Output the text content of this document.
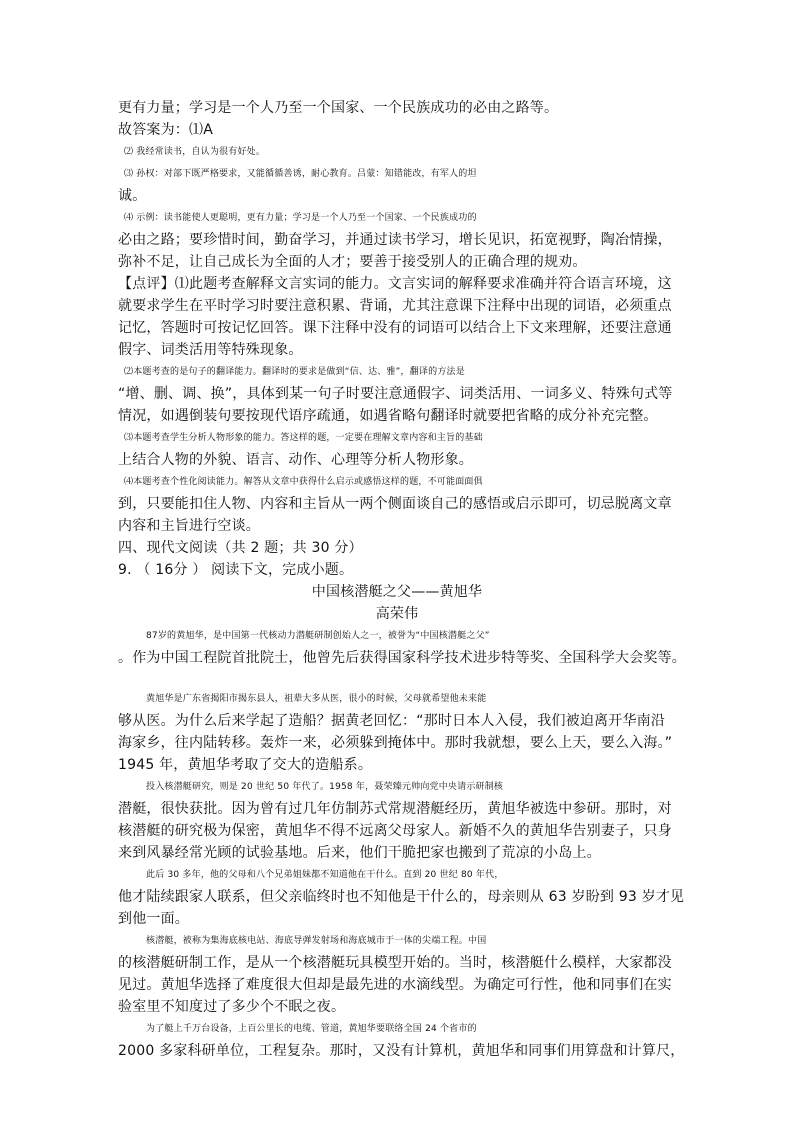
更有力量；学习是一个人乃至一个国家、一个民族成功的必由之路等。
故答案为：⑴A
⑵ 我经常读书，自认为很有好处。
⑶ 孙权：对部下既严格要求，又能循循善诱，耐心教育。吕蒙：知错能改，有军人的坦
诚。
⑷ 示例：读书能使人更聪明，更有力量；学习是一个人乃至一个国家、一个民族成功的
必由之路；要珍惜时间，勤奋学习，并通过读书学习，增长见识，拓宽视野，陶冶情操，
弥补不足，让自己成长为全面的人才；要善于接受别人的正确合理的规劝。
【点评】⑴此题考查解释文言实词的能力。文言实词的解释要求准确并符合语言环境，这
就要求学生在平时学习时要注意积累、背诵，尤其注意课下注释中出现的词语，必须重点
记忆，答题时可按记忆回答。课下注释中没有的词语可以结合上下文来理解，还要注意通
假字、词类活用等特殊现象。
⑵本题考查的是句子的翻译能力。翻译时的要求是做到“信、达、雅”，翻译的方法是
“增、删、调、换”，具体到某一句子时要注意通假字、词类活用、一词多义、特殊句式等
情况，如遇倒装句要按现代语序疏通，如遇省略句翻译时就要把省略的成分补充完整。
⑶本题考查学生分析人物形象的能力。答这样的题，一定要在理解文章内容和主旨的基础
上结合人物的外貌、语言、动作、心理等分析人物形象。
⑷本题考查个性化阅读能力。解答从文章中获得什么启示或感悟这样的题，不可能面面俱
到，只要能扣住人物、内容和主旨从一两个侧面谈自己的感悟或启示即可，切忌脱离文章
内容和主旨进行空谈。
四、现代文阅读（共 2 题；共 30 分）
9. （ 16分 ） 阅读下文，完成小题。
中国核潜艇之父——黄旭华
高荣伟
87岁的黄旭华，是中国第一代核动力潜艇研制创始人之一，被誉为“中国核潜艇之父”
。作为中国工程院首批院士，他曾先后获得国家科学技术进步特等奖、全国科学大会奖等。
黄旭华是广东省揭阳市揭东县人，祖辈大多从医，很小的时候，父母就希望他未来能
够从医。为什么后来学起了造船？据黄老回忆：“那时日本人入侵，我们被迫离开华南沿
海家乡，往内陆转移。轰炸一来，必须躲到掩体中。那时我就想，要么上天，要么入海。”
1945 年，黄旭华考取了交大的造船系。
投入核潜艇研究，则是 20 世纪 50 年代了。1958 年，聂荣臻元帅向党中央请示研制核
潜艇，很快获批。因为曾有过几年仿制苏式常规潜艇经历，黄旭华被选中参研。那时，对
核潜艇的研究极为保密，黄旭华不得不远离父母家人。新婚不久的黄旭华告别妻子，只身
来到风暴经常光顾的试验基地。后来，他们干脆把家也搬到了荒凉的小岛上。
此后 30 多年，他的父母和八个兄弟姐妹都不知道他在干什么。直到 20 世纪 80 年代，
他才陆续跟家人联系，但父亲临终时也不知他是干什么的，母亲则从 63 岁盼到 93 岁才见
到他一面。
核潜艇，被称为集海底核电站、海底导弹发射场和海底城市于一体的尖端工程。中国
的核潜艇研制工作，是从一个核潜艇玩具模型开始的。当时，核潜艇什么模样，大家都没
见过。黄旭华选择了难度很大但却是最先进的水滴线型。为确定可行性，他和同事们在实
验室里不知度过了多少个不眠之夜。
为了艇上千万台设备，上百公里长的电缆、管道，黄旭华要联络全国 24 个省市的
2000 多家科研单位，工程复杂。那时，又没有计算机，黄旭华和同事们用算盘和计算尺，
